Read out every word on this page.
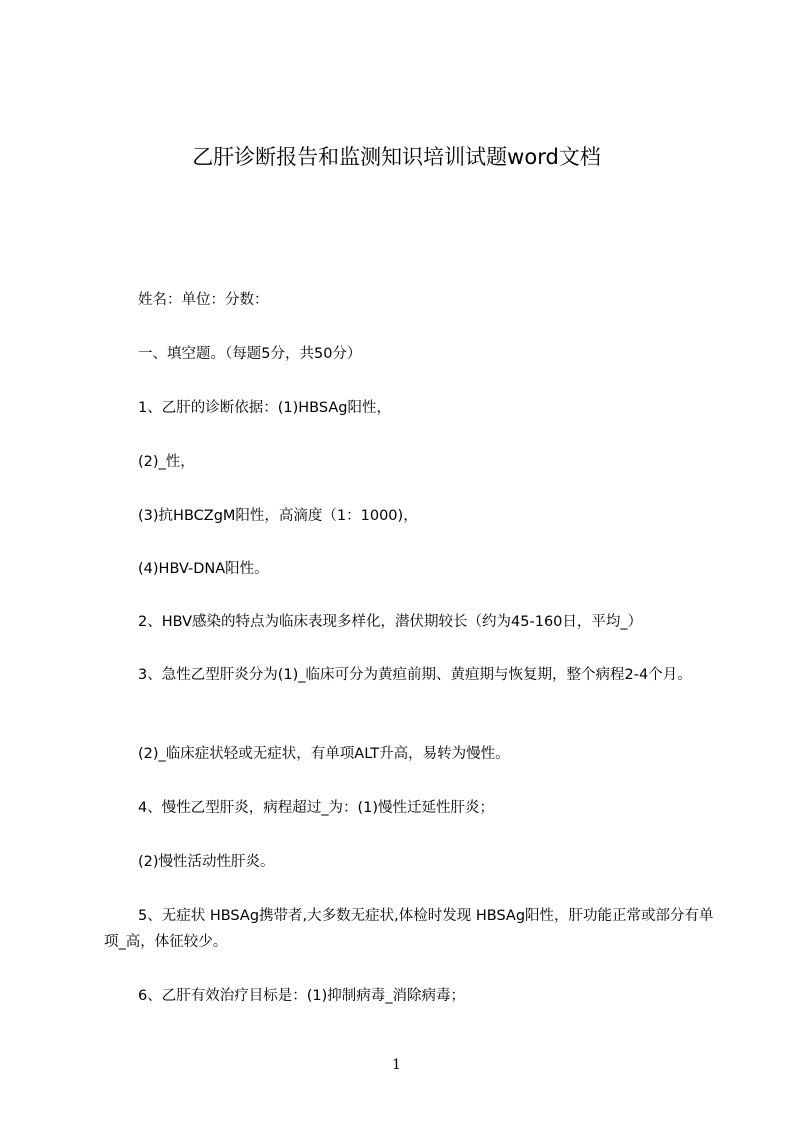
乙肝诊断报告和监测知识培训试题word文档
姓名：单位：分数：
一、填空题。（每题5分，共50分）
1、乙肝的诊断依据：(1)HBSAg阳性，
(2)_性，
(3)抗HBCZgM阳性，高滴度（1：1000)，
(4)HBV-DNA阳性。
2、HBV感染的特点为临床表现多样化，潜伏期较长（约为45-160日，平均_）
3、急性乙型肝炎分为(1)_临床可分为黄疸前期、黄疸期与恢复期，整个病程2-4个月。
(2)_临床症状轻或无症状，有单项ALT升高，易转为慢性。
4、慢性乙型肝炎，病程超过_为：(1)慢性迁延性肝炎；
(2)慢性活动性肝炎。
5、无症状 HBSAg携带者,大多数无症状,体检时发现 HBSAg阳性，肝功能正常或部分有单项_高，体征较少。
6、乙肝有效治疗目标是：(1)抑制病毒_消除病毒；
1
